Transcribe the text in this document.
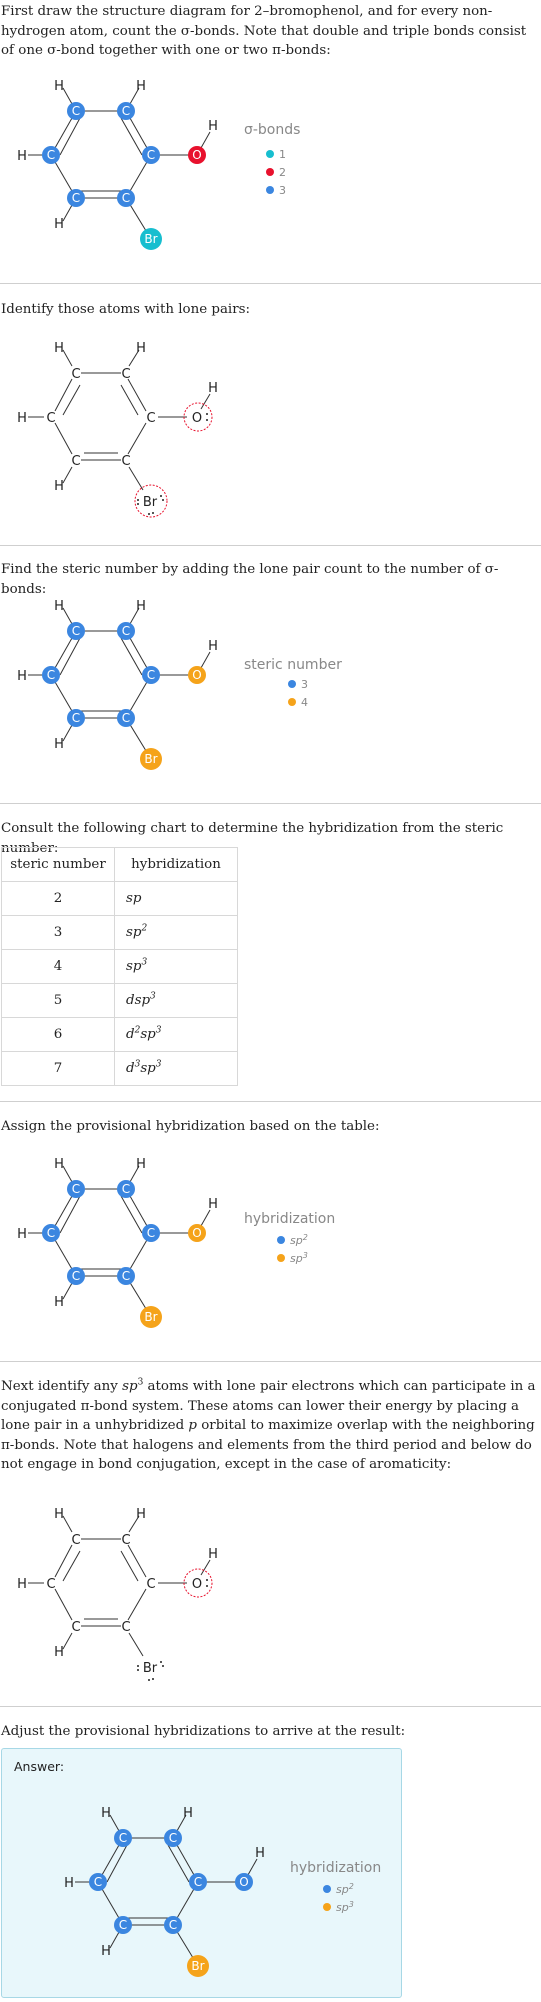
First draw the structure diagram for 2–bromophenol, and for every non-hydrogen atom, count the σ-bonds. Note that double and triple bonds consist of one σ-bond together with one or two π-bonds:

H	H
H
H
H
C	C
C
C
C
C	O
Br
σ-bonds
1
2
3

Identify those atoms with lone pairs:

H	H
H
H
H
C	C
C
C
C
C	O
Br

Find the steric number by adding the lone pair count to the number of σ-bonds:

H	H
H
H
H
C	C
C
C
C
C	O
Br
steric number
3
4

Consult the following chart to determine the hybridization from the steric number:

steric number	hybridization
2	sp
3	$sp^2$
4	$sp^3$
5	dsp$^3$
6	$d^2sp^3$
7	$d^3sp^3$

Assign the provisional hybridization based on the table:

H	H
H
H
H
C	C
C
C
C
C	O
Br
hybridization
$sp^2$
$sp^3$

Next identify any $sp^3$ atoms with lone pair electrons which can participate in a conjugated π-bond system. These atoms can lower their energy by placing a lone pair in a unhybridized p orbital to maximize overlap with the neighboring π-bonds. Note that halogens and elements from the third period and below do not engage in bond conjugation, except in the case of aromaticity:

H	H
H
H
H
C	C
C
C
C
C	O
Br

Adjust the provisional hybridizations to arrive at the result:

Answer:
H	H
H
H
H
C	C
C
C
C
C	O
Br
hybridization
$sp^2$
$sp^3$
